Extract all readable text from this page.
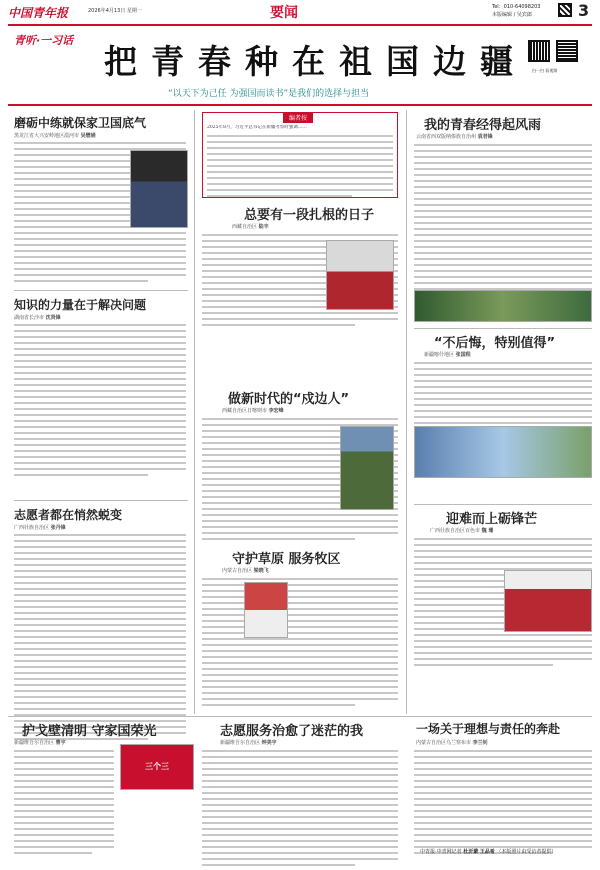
中国青年报	2026年4月13日 星期一	要闻	Tel：010-64098203
本版编辑 / 吴宾郎	3
青听·一习话
把青春种在祖国边疆
“以天下为己任 为强国而读书”是我们的选择与担当
扫一扫 看视频
磨砺中练就保家卫国底气
黑龙江省大兴安岭地区漠河市 吴懋娟
知识的力量在于解决问题
湖南省长沙市 沈贤锋
志愿者都在悄然蜕变
广西壮族自治区 张丹锋
编者按
2025年8月，习近平总书记在新疆考察时强调……
总要有一段扎根的日子
西藏自治区 陆丰
做新时代的“戍边人”
西藏自治区日喀则市 李宏峰
守护草原 服务牧区
内蒙古自治区 梁晓飞
我的青春经得起风雨
云南省西双版纳傣族自治州 袁君锋
“不后悔，特别值得”
新疆喀什地区 张国程
迎难而上砺锋芒
广西壮族自治区百色市 魏 珊
护戈壁清明 守家国荣光
新疆维吾尔自治区 曹宇
三个三
志愿服务治愈了迷茫的我
新疆维吾尔自治区 钟美宇
一场关于理想与责任的奔赴
内蒙古自治区乌兰察布市 李兰钊
中青报·中青网记者 杜沂蒙 王品希 （本版照片由受访者提供）
